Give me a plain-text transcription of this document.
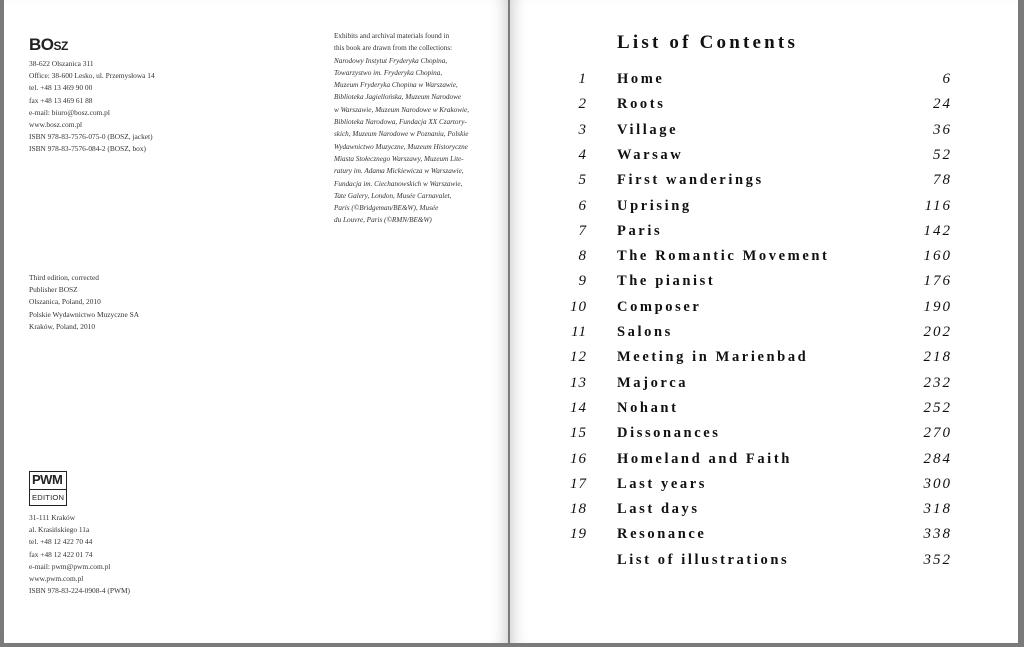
BOSZ
38-622 Olszanica 311
Office: 38-600 Lesko, ul. Przemysłowa 14
tel. +48 13 469 90 00
fax +48 13 469 61 88
e-mail: biuro@bosz.com.pl
www.bosz.com.pl
ISBN 978-83-7576-075-0 (BOSZ, jacket)
ISBN 978-83-7576-084-2 (BOSZ, box)
Exhibits and archival materials found in
this book are drawn from the collections:
Narodowy Instytut Fryderyka Chopina,
Towarzystwo im. Fryderyka Chopina,
Muzeum Fryderyka Chopina w Warszawie,
Biblioteka Jagiellońska, Muzeum Narodowe
w Warszawie, Muzeum Narodowe w Krakowie,
Biblioteka Narodowa, Fundacja XX Czartory-
skich, Muzeum Narodowe w Poznaniu, Polskie
Wydawnictwo Muzyczne, Muzeum Historyczne
Miasta Stołecznego Warszawy, Muzeum Lite-
ratury im. Adama Mickiewicza w Warszawie,
Fundacja im. Ciechanowskich w Warszawie,
Tate Galery, London, Musée Carnavalet,
Paris (©Bridgeman/BE&W), Musée
du Louvre, Paris (©RMN/BE&W)
Third edition, corrected
Publisher BOSZ
Olszanica, Poland, 2010
Polskie Wydawnictwo Muzyczne SA
Kraków, Poland, 2010
PWM
EDITION
31-111 Kraków
al. Krasińskiego 11a
tel. +48 12 422 70 44
fax +48 12 422 01 74
e-mail: pwm@pwm.com.pl
www.pwm.com.pl
ISBN 978-83-224-0908-4 (PWM)
List of Contents
1 Home	6
2 Roots	24
3 Village	36
4 Warsaw	52
5 First wanderings	78
6 Uprising	116
7 Paris	142
8 The Romantic Movement	160
9 The pianist	176
10 Composer	190
11 Salons	202
12 Meeting in Marienbad	218
13 Majorca	232
14 Nohant	252
15 Dissonances	270
16 Homeland and Faith	284
17 Last years	300
18 Last days	318
19 Resonance	338
List of illustrations	352
